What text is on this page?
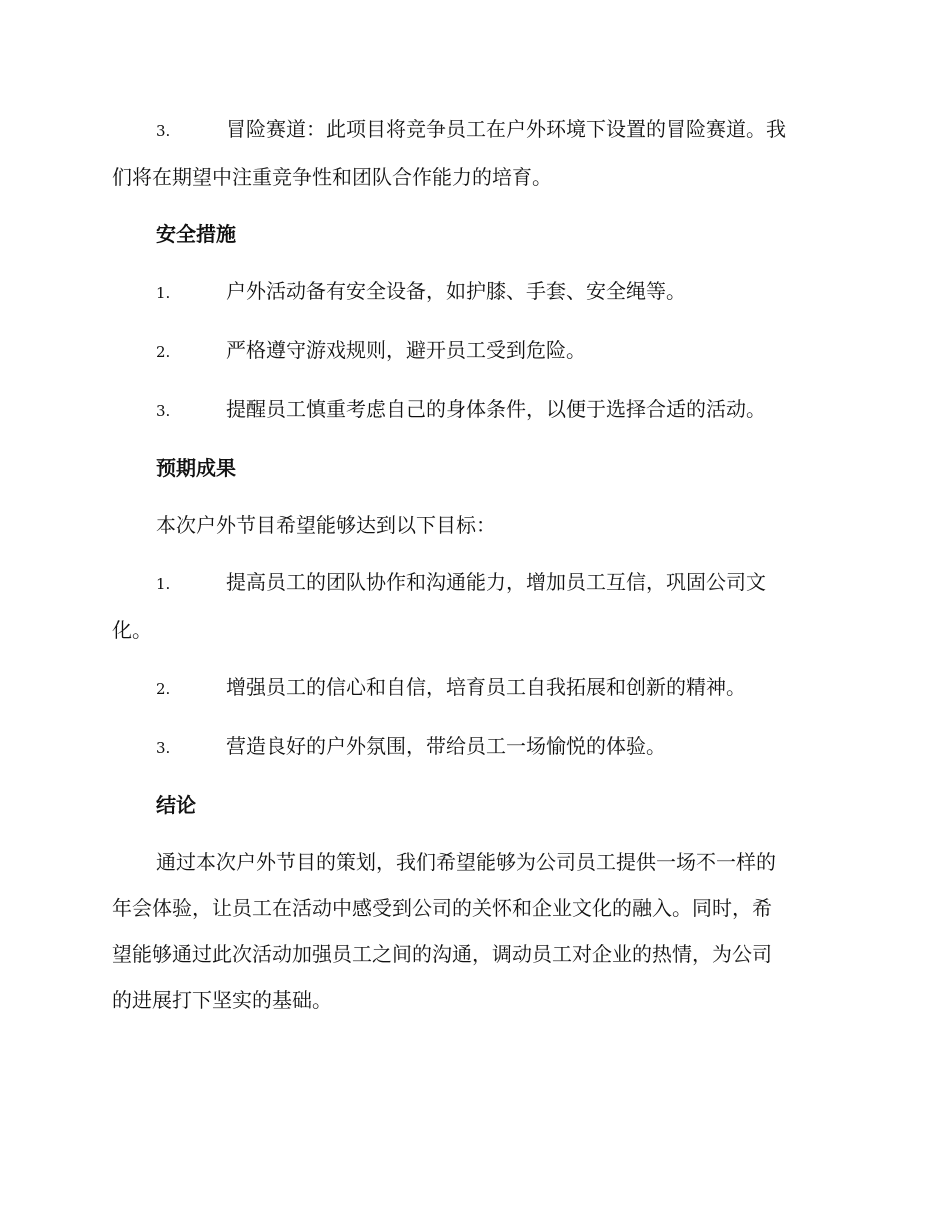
3.	冒险赛道：此项目将竞争员工在户外环境下设置的冒险赛道。我
们将在期望中注重竞争性和团队合作能力的培育。
安全措施
1.	户外活动备有安全设备，如护膝、手套、安全绳等。
2.	严格遵守游戏规则，避开员工受到危险。
3.	提醒员工慎重考虑自己的身体条件，以便于选择合适的活动。
预期成果
本次户外节目希望能够达到以下目标：
1.	提高员工的团队协作和沟通能力，增加员工互信，巩固公司文
化。
2.	增强员工的信心和自信，培育员工自我拓展和创新的精神。
3.	营造良好的户外氛围，带给员工一场愉悦的体验。
结论
通过本次户外节目的策划，我们希望能够为公司员工提供一场不一样的
年会体验，让员工在活动中感受到公司的关怀和企业文化的融入。同时，希
望能够通过此次活动加强员工之间的沟通，调动员工对企业的热情，为公司
的进展打下坚实的基础。
